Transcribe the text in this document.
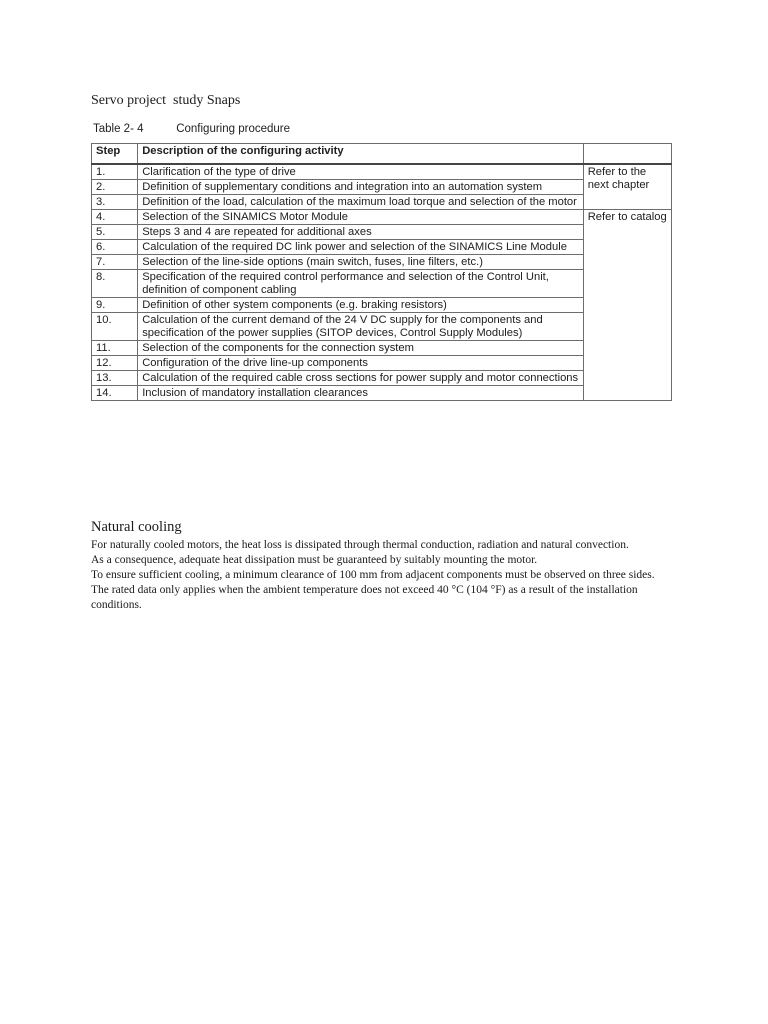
Servo project  study Snaps
Table 2- 4	Configuring procedure
Step	Description of the configuring activity	
1.	Clarification of the type of drive	Refer to the next chapter
2.	Definition of supplementary conditions and integration into an automation system	
3.	Definition of the load, calculation of the maximum load torque and selection of the motor	
4.	Selection of the SINAMICS Motor Module	Refer to catalog
5.	Steps 3 and 4 are repeated for additional axes	
6.	Calculation of the required DC link power and selection of the SINAMICS Line Module	
7.	Selection of the line-side options (main switch, fuses, line filters, etc.)	
8.	Specification of the required control performance and selection of the Control Unit, definition of component cabling	
9.	Definition of other system components (e.g. braking resistors)	
10.	Calculation of the current demand of the 24 V DC supply for the components and specification of the power supplies (SITOP devices, Control Supply Modules)	
11.	Selection of the components for the connection system	
12.	Configuration of the drive line-up components	
13.	Calculation of the required cable cross sections for power supply and motor connections	
14.	Inclusion of mandatory installation clearances	
Natural cooling

For naturally cooled motors, the heat loss is dissipated through thermal conduction, radiation and natural convection.

As a consequence, adequate heat dissipation must be guaranteed by suitably mounting the motor.

To ensure sufficient cooling, a minimum clearance of 100 mm from adjacent components must be observed on three sides.

The rated data only applies when the ambient temperature does not exceed 40 °C (104 °F) as a result of the installation conditions.
